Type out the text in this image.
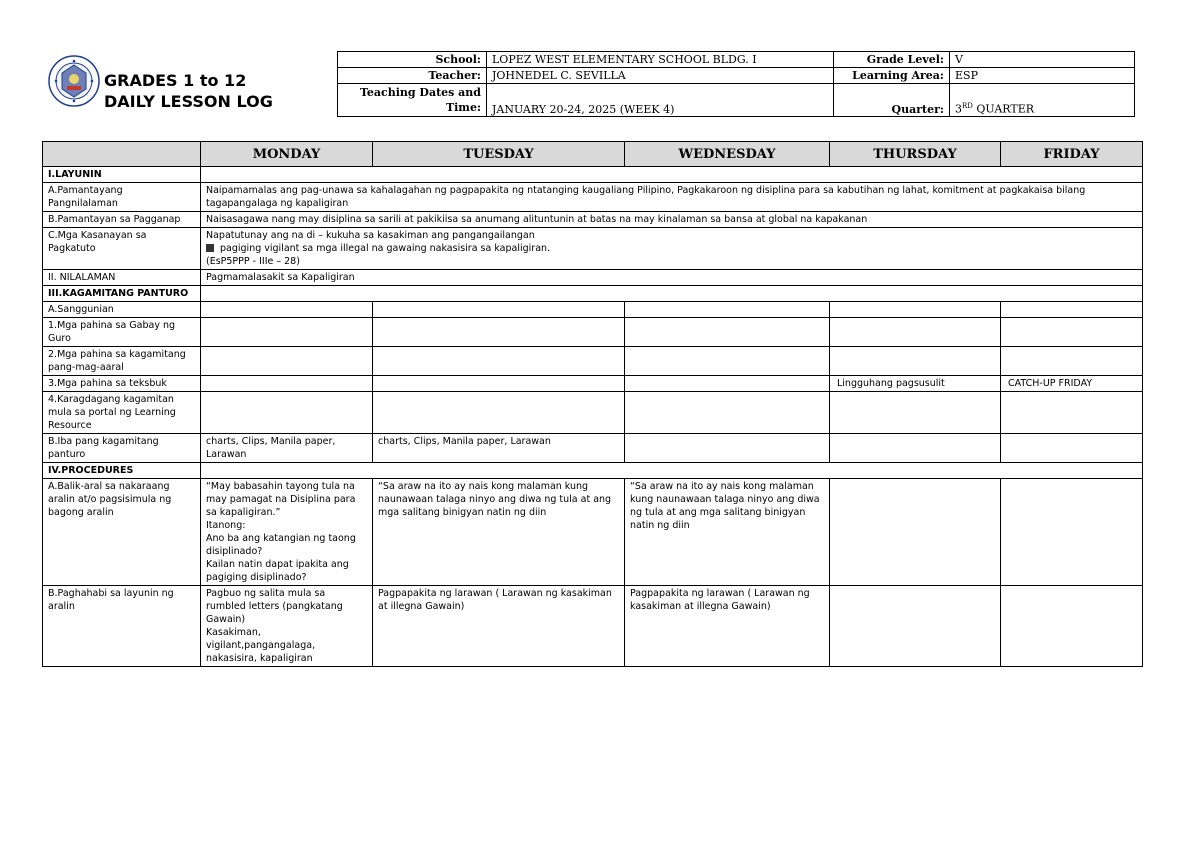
GRADES 1 to 12
DAILY LESSON LOG
School:	LOPEZ WEST ELEMENTARY SCHOOL BLDG. I	Grade Level:	V
Teacher:	JOHNEDEL C. SEVILLA	Learning Area:	ESP

Teaching Dates and
Time:	JANUARY 20-24, 2025 (WEEK 4)	Quarter:	3RD QUARTER
	MONDAY	TUESDAY	WEDNESDAY	THURSDAY	FRIDAY
I.LAYUNIN					
A.Pamantayang Pangnilalaman	Naipamamalas ang pag-unawa sa kahalagahan ng pagpapakita ng ntatanging kaugaliang Pilipino, Pagkakaroon ng disiplina para sa kabutihan ng lahat, komitment at pagkakaisa bilang tagapangalaga ng kapaligiran				
B.Pamantayan sa Pagganap	Naisasagawa nang may disiplina sa sarili at pakikiisa sa anumang alituntunin at batas na may kinalaman sa bansa at global na kapakanan				
C.Mga Kasanayan sa Pagkatuto	Napatutunay ang na di – kukuha sa kasakiman ang pangangailangan
pagiging vigilant sa mga illegal na gawaing nakasisira sa kapaligiran.
(EsP5PPP - IIIe – 28)				

II. NILALAMAN	Pagmamalasakit sa Kapaligiran				
III.KAGAMITANG PANTURO					
A.Sanggunian					
1.Mga pahina sa Gabay ng Guro					
2.Mga pahina sa kagamitang pang-mag-aaral					
3.Mga pahina sa teksbuk				Lingguhang pagsusulit	CATCH-UP FRIDAY
4.Karagdagang kagamitan mula sa portal ng Learning Resource					
B.Iba pang kagamitang panturo	charts, Clips, Manila paper, Larawan	charts, Clips, Manila paper, Larawan			
IV.PROCEDURES					
A.Balik-aral sa nakaraang aralin at/o pagsisimula ng bagong aralin	“May babasahin tayong tula na may pamagat na Disiplina para sa kapaligiran.”
Itanong:
Ano ba ang katangian ng taong disiplinado?
Kailan natin dapat ipakita ang pagiging disiplinado?	“Sa araw na ito ay nais kong malaman kung naunawaan talaga ninyo ang diwa ng tula at ang mga salitang binigyan natin ng diin	“Sa araw na ito ay nais kong malaman kung naunawaan talaga ninyo ang diwa ng tula at ang mga salitang binigyan natin ng diin		
B.Paghahabi sa layunin ng aralin	Pagbuo ng salita mula sa rumbled letters (pangkatang Gawain)
Kasakiman,
vigilant,pangangalaga,
nakasisira, kapaligiran	Pagpapakita ng larawan ( Larawan ng kasakiman at illegna Gawain)	Pagpapakita ng larawan ( Larawan ng kasakiman at illegna Gawain)		
